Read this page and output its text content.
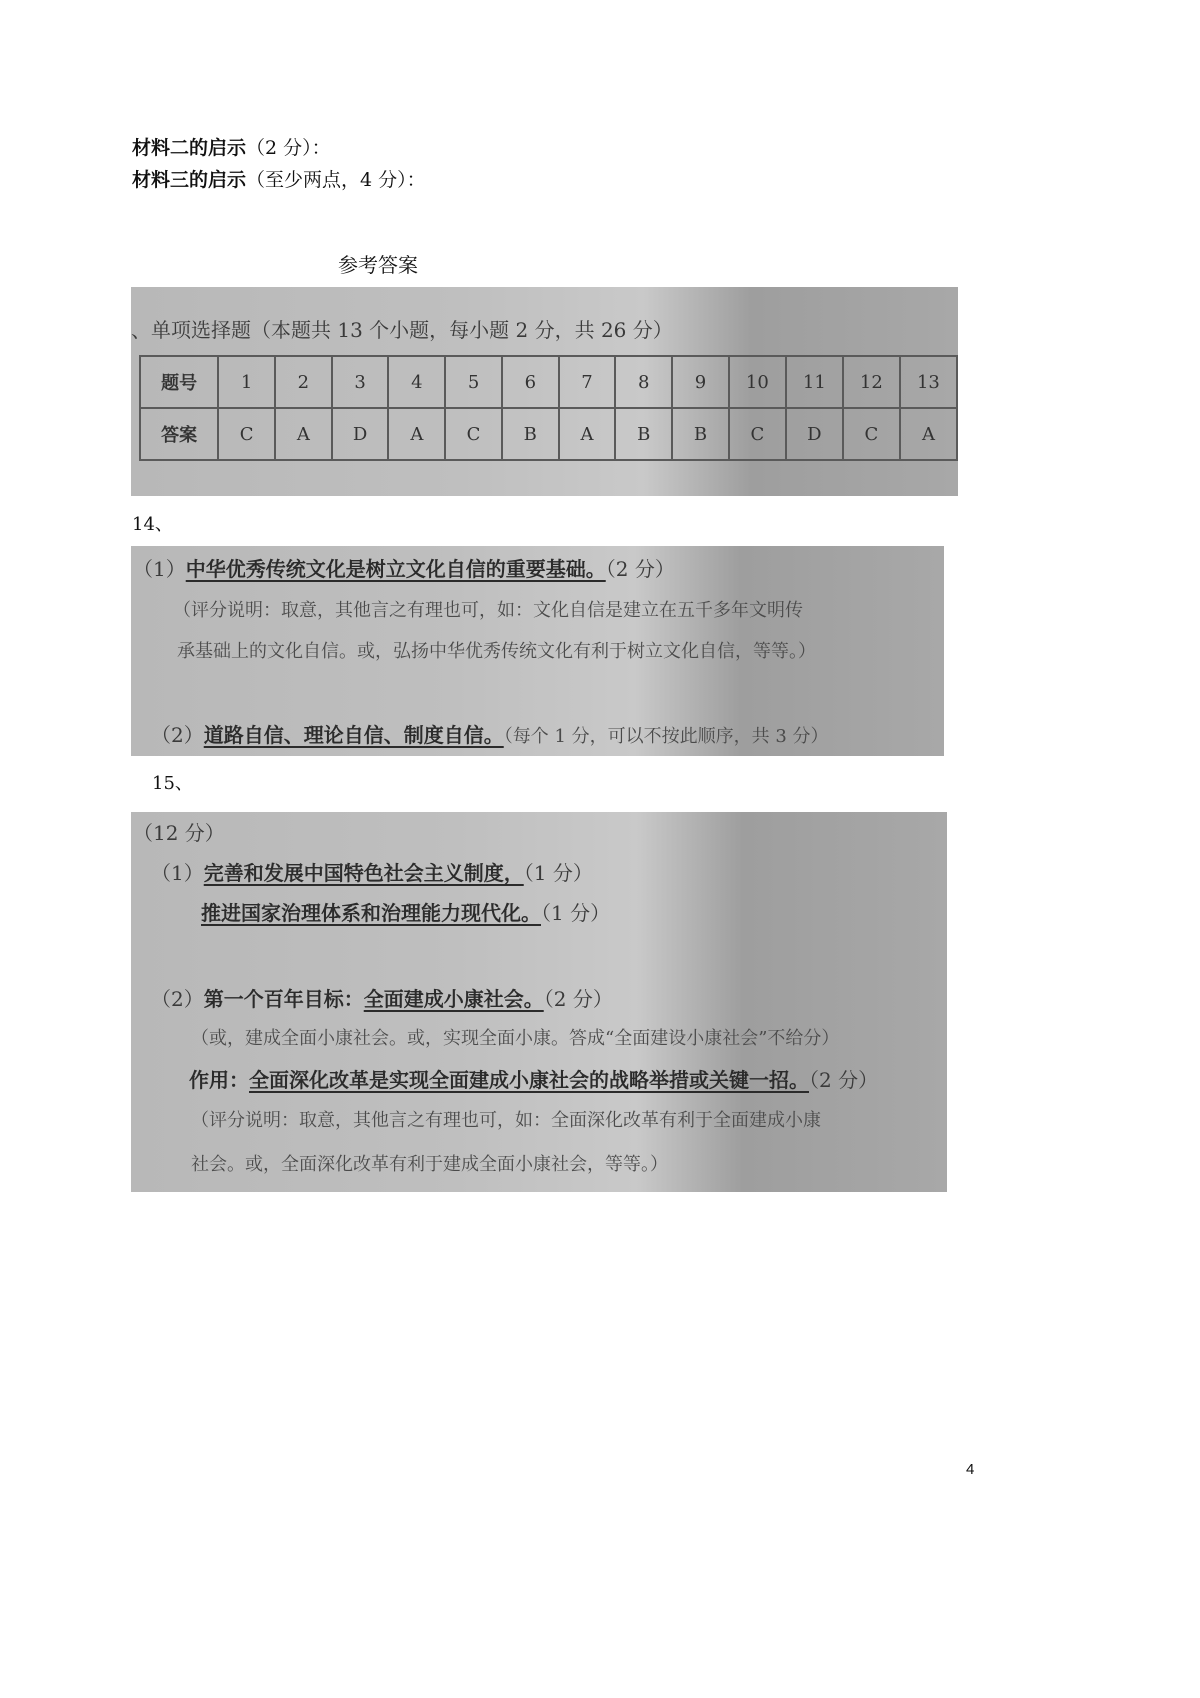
材料二的启示（2 分）：
材料三的启示（至少两点，4 分）：
参考答案
、单项选择题（本题共 13 个小题，每小题 2 分，共 26 分）
题号	1	2	3	4	5	6	7	8	9	10	11	12	13
答案	C	A	D	A	C	B	A	B	B	C	D	C	A
14、
（1）中华优秀传统文化是树立文化自信的重要基础。（2 分）
（评分说明：取意，其他言之有理也可，如：文化自信是建立在五千多年文明传
承基础上的文化自信。或，弘扬中华优秀传统文化有利于树立文化自信，等等。）
（2）道路自信、理论自信、制度自信。（每个 1 分，可以不按此顺序，共 3 分）
15、
（12 分）
（1）完善和发展中国特色社会主义制度，（1 分）
推进国家治理体系和治理能力现代化。（1 分）
（2）第一个百年目标：全面建成小康社会。（2 分）
（或，建成全面小康社会。或，实现全面小康。答成“全面建设小康社会”不给分）
作用：全面深化改革是实现全面建成小康社会的战略举措或关键一招。（2 分）
（评分说明：取意，其他言之有理也可，如：全面深化改革有利于全面建成小康
社会。或，全面深化改革有利于建成全面小康社会，等等。）
4
